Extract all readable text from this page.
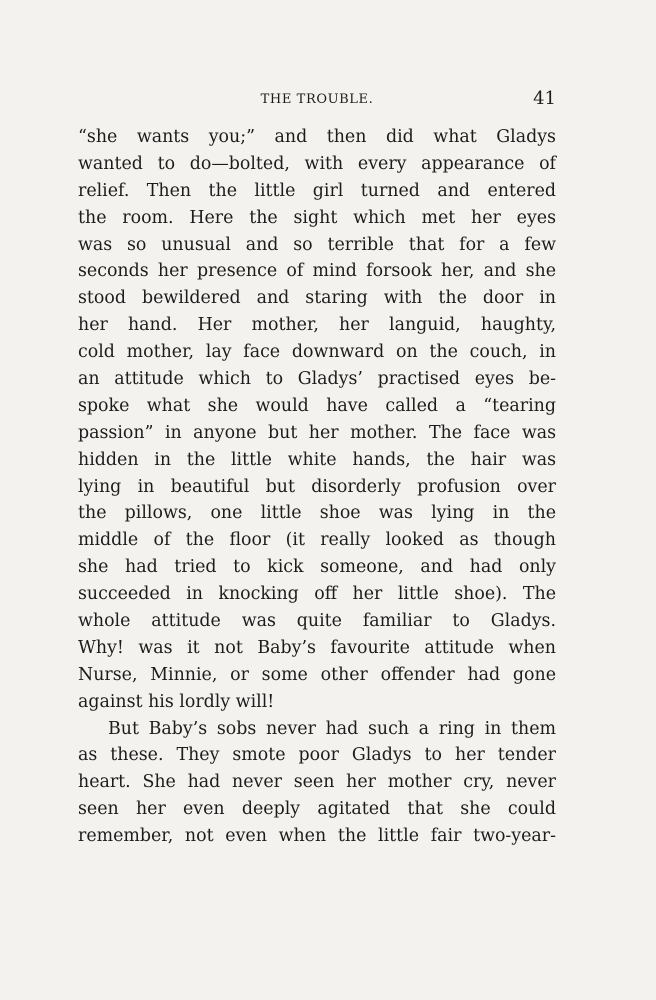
THE TROUBLE.	41
“she wants you;” and then did what Gladys
wanted to do—bolted, with every appearance of
relief. Then the little girl turned and entered
the room. Here the sight which met her eyes
was so unusual and so terrible that for a few
seconds her presence of mind forsook her, and she
stood bewildered and staring with the door in
her hand. Her mother, her languid, haughty,
cold mother, lay face downward on the couch, in
an attitude which to Gladys’ practised eyes be-
spoke what she would have called a “tearing
passion” in anyone but her mother. The face was
hidden in the little white hands, the hair was
lying in beautiful but disorderly profusion over
the pillows, one little shoe was lying in the
middle of the floor (it really looked as though
she had tried to kick someone, and had only
succeeded in knocking off her little shoe). The
whole attitude was quite familiar to Gladys.
Why! was it not Baby’s favourite attitude when
Nurse, Minnie, or some other offender had gone
against his lordly will!
But Baby’s sobs never had such a ring in them
as these. They smote poor Gladys to her tender
heart. She had never seen her mother cry, never
seen her even deeply agitated that she could
remember, not even when the little fair two-year-
